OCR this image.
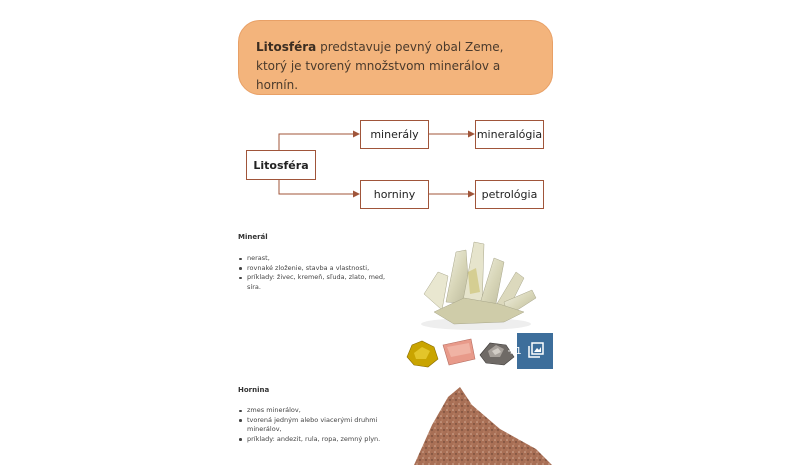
Litosféra predstavuje pevný obal Zeme, ktorý je tvorený množstvom minerálov a hornín.
Litosféra
minerály	mineralógia
horniny	petrológia
Minerál
nerast,
rovnaké zloženie, stavba a vlastnosti,
príklady: živec, kremeň, sľuda, zlato, med, síra.
+1
Hornina
zmes minerálov,
tvorená jedným alebo viacerými druhmi minerálov,
príklady: andezit, rula, ropa, zemný plyn.
